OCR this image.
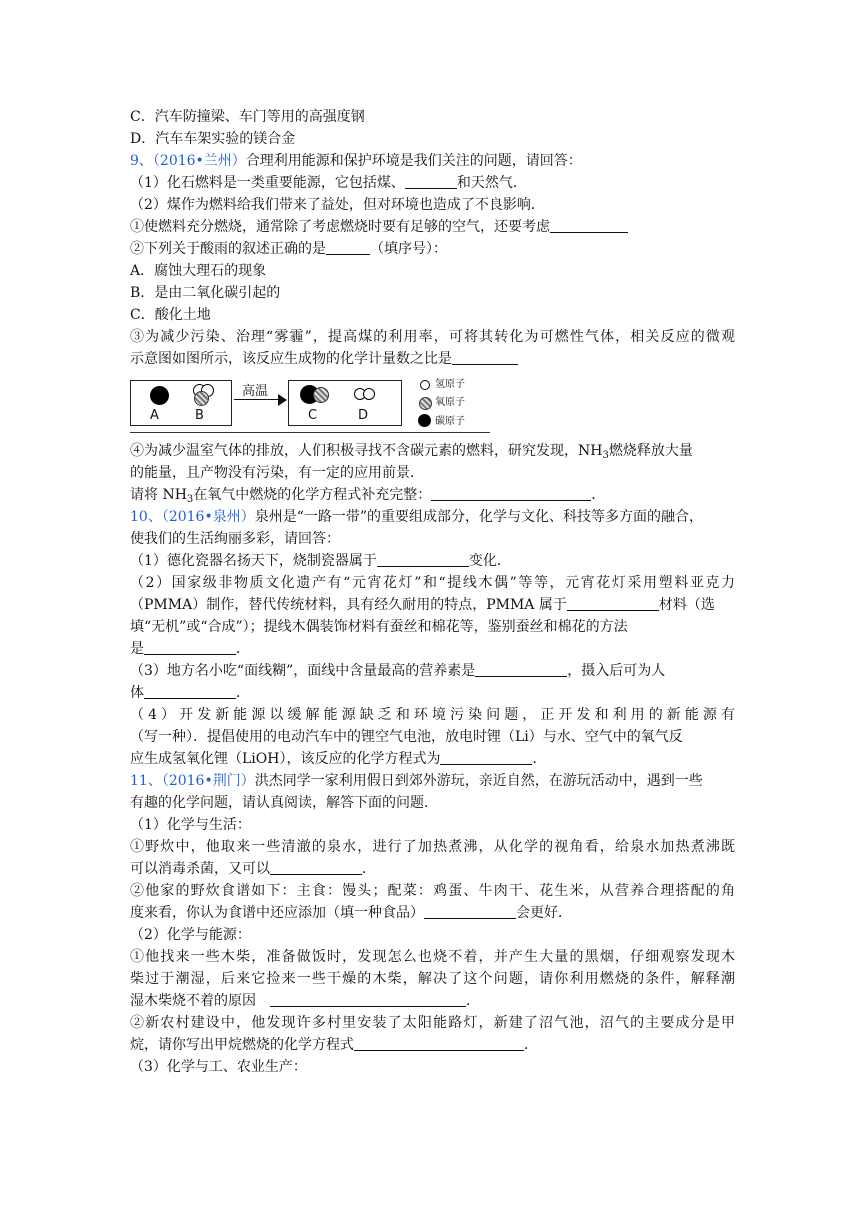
C．汽车防撞梁、车门等用的高强度钢
D．汽车车架实验的镁合金
9、（2016•兰州）合理利用能源和保护环境是我们关注的问题，请回答：
（1）化石燃料是一类重要能源，它包括煤、	和天然气．
（2）煤作为燃料给我们带来了益处，但对环境也造成了不良影响．
①使燃料充分燃烧，通常除了考虑燃烧时要有足够的空气，还要考虑
②下列关于酸雨的叙述正确的是	（填序号）：
A．腐蚀大理石的现象
B．是由二氧化碳引起的
C．酸化土地
③为减少污染、治理“雾霾”，提高煤的利用率，可将其转化为可燃性气体，相关反应的微观
示意图如图所示，该反应生成物的化学计量数之比是
A	B
高温
C	D
氢原子
氧原子
碳原子
④为减少温室气体的排放，人们积极寻找不含碳元素的燃料，研究发现，$NH_3$燃烧释放大量
的能量，且产物没有污染，有一定的应用前景．
请将 $NH_3$在氧气中燃烧的化学方程式补充完整：	．
10、（2016•泉州）泉州是“一路一带”的重要组成部分，化学与文化、科技等多方面的融合，
使我们的生活绚丽多彩，请回答：
（1）德化瓷器名扬天下，烧制瓷器属于	变化．
（2）国家级非物质文化遗产有“元宵花灯”和“提线木偶”等等，元宵花灯采用塑料亚克力
（PMMA）制作，替代传统材料，具有经久耐用的特点，PMMA 属于	材料（选
填“无机”或“合成”）；提线木偶装饰材料有蚕丝和棉花等，鉴别蚕丝和棉花的方法
是	．
（3）地方名小吃“面线糊”，面线中含量最高的营养素是	，摄入后可为人
体	．
（4）开发新能源以缓解能源缺乏和环境污染问题，正开发和利用的新能源有
（写一种）．提倡使用的电动汽车中的锂空气电池，放电时锂（Li）与水、空气中的氧气反
应生成氢氧化锂（LiOH），该反应的化学方程式为	．
11、（2016•荆门）洪杰同学一家利用假日到郊外游玩，亲近自然，在游玩活动中，遇到一些
有趣的化学问题，请认真阅读，解答下面的问题．
（1）化学与生活：
①野炊中，他取来一些清澈的泉水，进行了加热煮沸，从化学的视角看，给泉水加热煮沸既
可以消毒杀菌，又可以	．
②他家的野炊食谱如下：主食：馒头；配菜：鸡蛋、牛肉干、花生米，从营养合理搭配的角
度来看，你认为食谱中还应添加（填一种食品）	会更好．
（2）化学与能源：
①他找来一些木柴，准备做饭时，发现怎么也烧不着，并产生大量的黑烟，仔细观察发现木
柴过于潮湿，后来它捡来一些干燥的木柴，解决了这个问题，请你利用燃烧的条件，解释潮
湿木柴烧不着的原因	．
②新农村建设中，他发现许多村里安装了太阳能路灯，新建了沼气池，沼气的主要成分是甲
烷，请你写出甲烷燃烧的化学方程式	．
（3）化学与工、农业生产：
